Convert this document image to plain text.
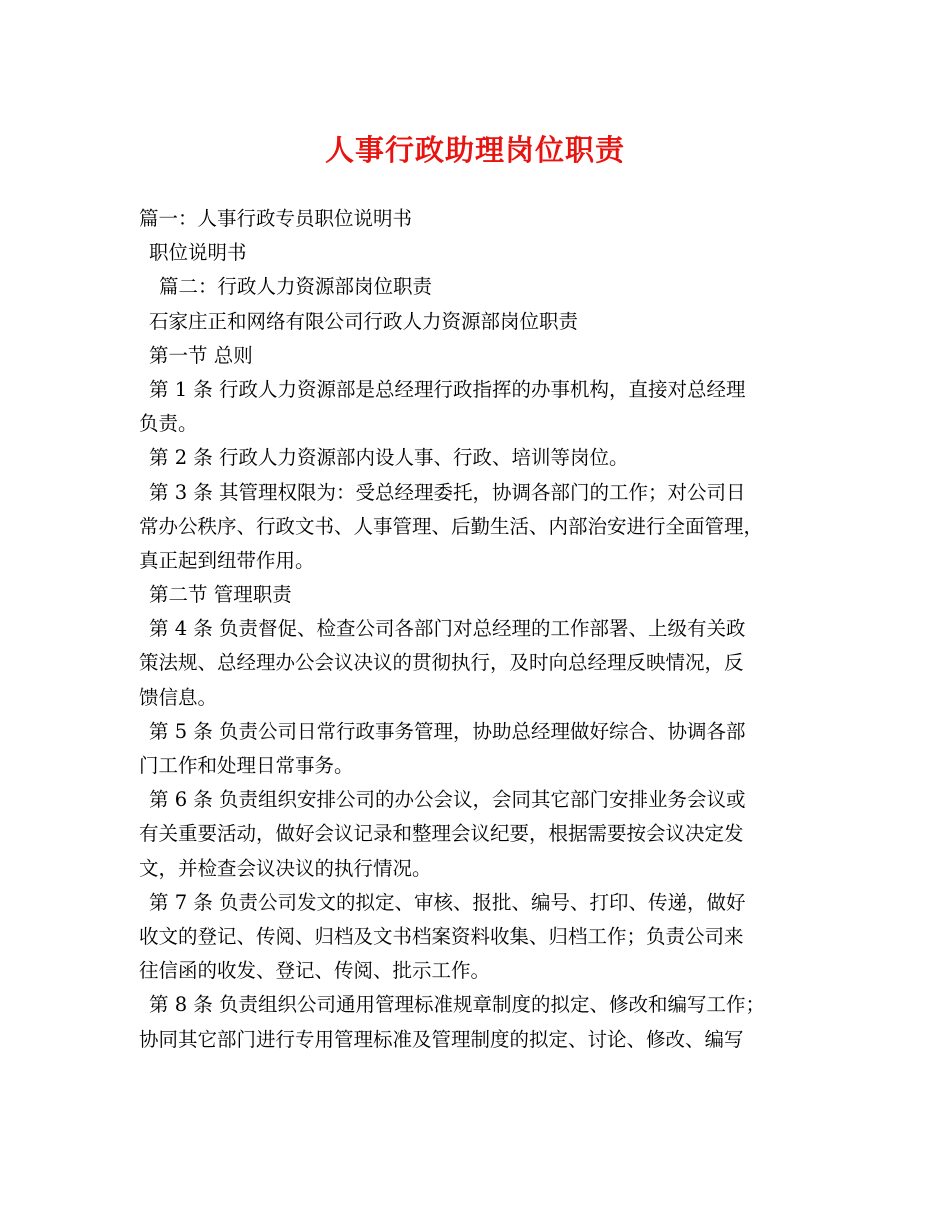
人事行政助理岗位职责
篇一：人事行政专员职位说明书
职位说明书
篇二：行政人力资源部岗位职责
石家庄正和网络有限公司行政人力资源部岗位职责
第一节 总则
第 1 条 行政人力资源部是总经理行政指挥的办事机构，直接对总经理
负责。
第 2 条 行政人力资源部内设人事、行政、培训等岗位。
第 3 条 其管理权限为：受总经理委托，协调各部门的工作；对公司日
常办公秩序、行政文书、人事管理、后勤生活、内部治安进行全面管理，
真正起到纽带作用。
第二节 管理职责
第 4 条 负责督促、检查公司各部门对总经理的工作部署、上级有关政
策法规、总经理办公会议决议的贯彻执行，及时向总经理反映情况，反
馈信息。
第 5 条 负责公司日常行政事务管理，协助总经理做好综合、协调各部
门工作和处理日常事务。
第 6 条 负责组织安排公司的办公会议，会同其它部门安排业务会议或
有关重要活动，做好会议记录和整理会议纪要，根据需要按会议决定发
文，并检查会议决议的执行情况。
第 7 条 负责公司发文的拟定、审核、报批、编号、打印、传递，做好
收文的登记、传阅、归档及文书档案资料收集、归档工作；负责公司来
往信函的收发、登记、传阅、批示工作。
第 8 条 负责组织公司通用管理标准规章制度的拟定、修改和编写工作；
协同其它部门进行专用管理标准及管理制度的拟定、讨论、修改、编写
